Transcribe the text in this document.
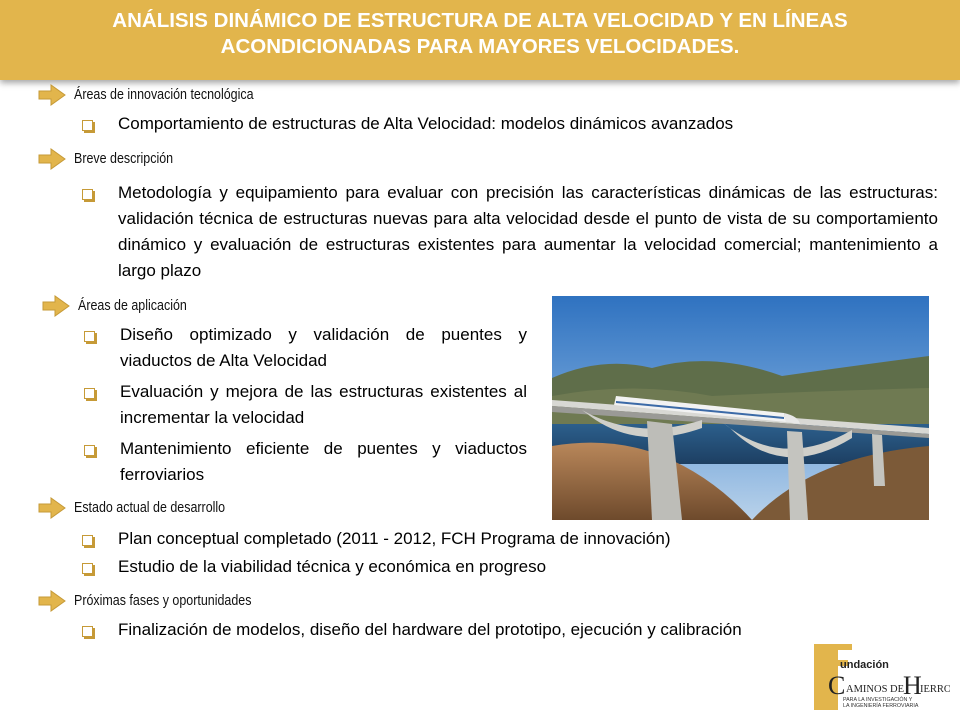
ANÁLISIS DINÁMICO DE ESTRUCTURA DE ALTA VELOCIDAD Y EN LÍNEAS
ACONDICIONADAS PARA MAYORES VELOCIDADES.
Áreas de innovación tecnológica
Comportamiento de estructuras de Alta Velocidad: modelos dinámicos avanzados
Breve descripción
Metodología y equipamiento para evaluar con precisión las características dinámicas de las estructuras: validación técnica de estructuras nuevas para alta velocidad desde el punto de vista de su comportamiento dinámico y evaluación de estructuras existentes para aumentar la velocidad comercial; mantenimiento a largo plazo
Áreas de aplicación
Diseño optimizado y validación de puentes y viaductos de Alta Velocidad
Evaluación y mejora de las estructuras existentes al incrementar la velocidad
Mantenimiento eficiente de puentes y viaductos ferroviarios
Estado actual de desarrollo
Plan conceptual completado (2011 - 2012, FCH Programa de innovación)
Estudio de la viabilidad técnica y económica en progreso
Próximas fases y oportunidades
Finalización de modelos, diseño del hardware del prototipo, ejecución y calibración
undación
C AMINOS DE
H
IERRO
PARA LA INVESTIGACIÓN Y
LA INGENIERÍA FERROVIARIA
